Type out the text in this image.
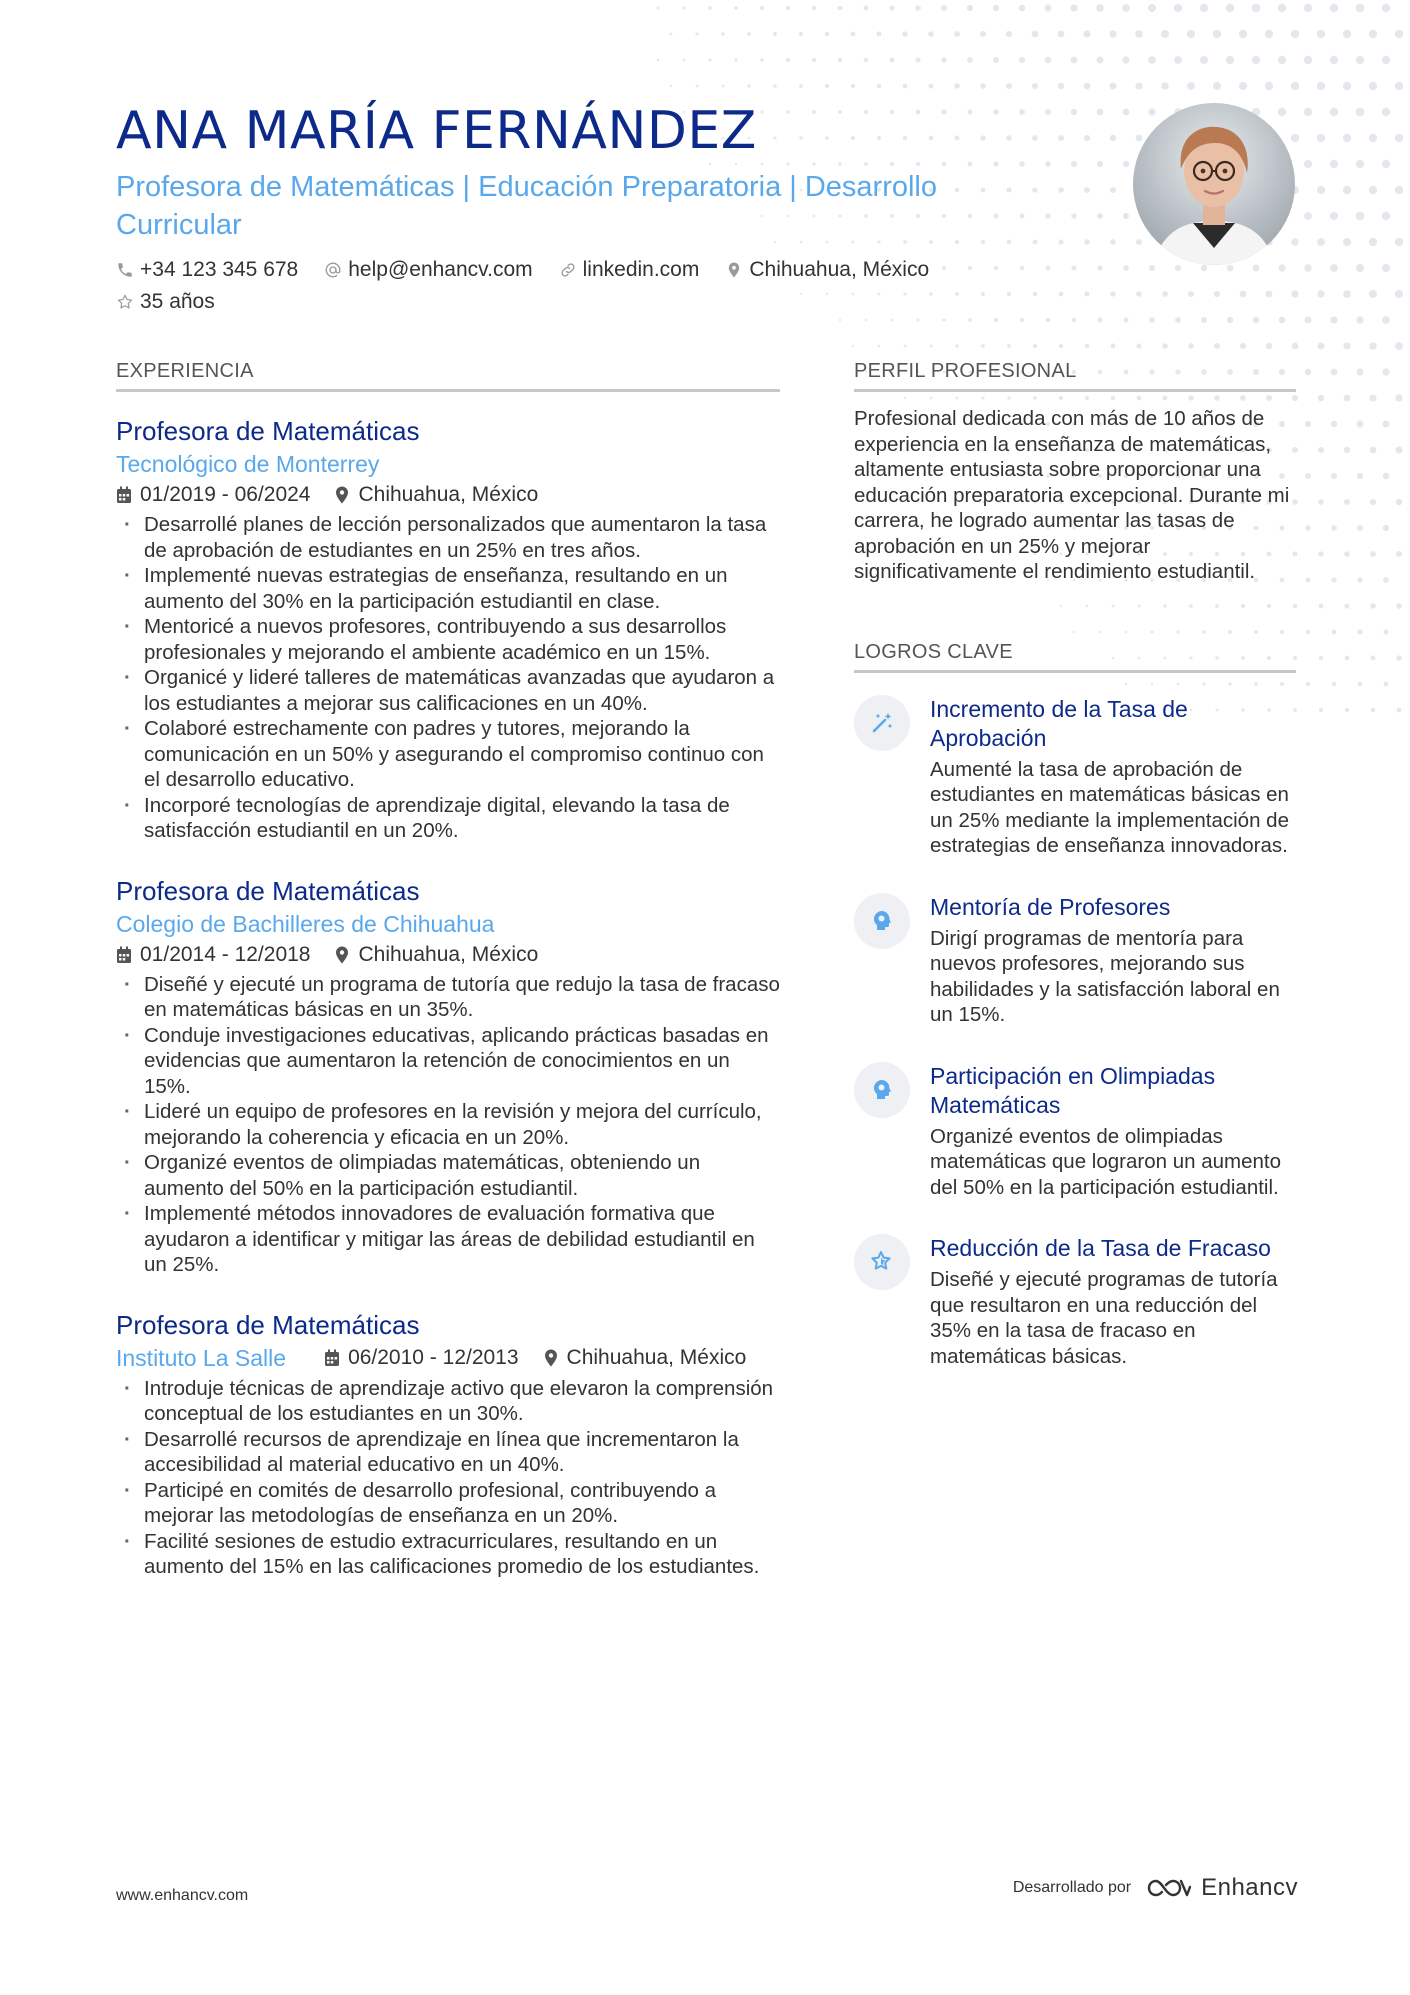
ANA MARÍA FERNÁNDEZ
Profesora de Matemáticas | Educación Preparatoria | Desarrollo Curricular
+34 123 345 678 help@enhancv.com linkedin.com Chihuahua, México
35 años
EXPERIENCIA
Profesora de Matemáticas
Tecnológico de Monterrey
01/2019 - 06/2024 Chihuahua, México
· Desarrollé planes de lección personalizados que aumentaron la tasa de aprobación de estudiantes en un 25% en tres años.
· Implementé nuevas estrategias de enseñanza, resultando en un aumento del 30% en la participación estudiantil en clase.
· Mentoricé a nuevos profesores, contribuyendo a sus desarrollos profesionales y mejorando el ambiente académico en un 15%.
· Organicé y lideré talleres de matemáticas avanzadas que ayudaron a los estudiantes a mejorar sus calificaciones en un 40%.
· Colaboré estrechamente con padres y tutores, mejorando la comunicación en un 50% y asegurando el compromiso continuo con el desarrollo educativo.
· Incorporé tecnologías de aprendizaje digital, elevando la tasa de satisfacción estudiantil en un 20%.
Profesora de Matemáticas
Colegio de Bachilleres de Chihuahua
01/2014 - 12/2018 Chihuahua, México
· Diseñé y ejecuté un programa de tutoría que redujo la tasa de fracaso en matemáticas básicas en un 35%.
· Conduje investigaciones educativas, aplicando prácticas basadas en evidencias que aumentaron la retención de conocimientos en un 15%.
· Lideré un equipo de profesores en la revisión y mejora del currículo, mejorando la coherencia y eficacia en un 20%.
· Organizé eventos de olimpiadas matemáticas, obteniendo un aumento del 50% en la participación estudiantil.
· Implementé métodos innovadores de evaluación formativa que ayudaron a identificar y mitigar las áreas de debilidad estudiantil en un 25%.
Profesora de Matemáticas
Instituto La Salle	06/2010 - 12/2013 Chihuahua, México
· Introduje técnicas de aprendizaje activo que elevaron la comprensión conceptual de los estudiantes en un 30%.
· Desarrollé recursos de aprendizaje en línea que incrementaron la accesibilidad al material educativo en un 40%.
· Participé en comités de desarrollo profesional, contribuyendo a mejorar las metodologías de enseñanza en un 20%.
· Facilité sesiones de estudio extracurriculares, resultando en un aumento del 15% en las calificaciones promedio de los estudiantes.
PERFIL PROFESIONAL
Profesional dedicada con más de 10 años de experiencia en la enseñanza de matemáticas, altamente entusiasta sobre proporcionar una educación preparatoria excepcional. Durante mi carrera, he logrado aumentar las tasas de aprobación en un 25% y mejorar significativamente el rendimiento estudiantil.
LOGROS CLAVE
Incremento de la Tasa de Aprobación
Aumenté la tasa de aprobación de estudiantes en matemáticas básicas en un 25% mediante la implementación de estrategias de enseñanza innovadoras.
Mentoría de Profesores
Dirigí programas de mentoría para nuevos profesores, mejorando sus habilidades y la satisfacción laboral en un 15%.
Participación en Olimpiadas Matemáticas
Organizé eventos de olimpiadas matemáticas que lograron un aumento del 50% en la participación estudiantil.
Reducción de la Tasa de Fracaso
Diseñé y ejecuté programas de tutoría que resultaron en una reducción del 35% en la tasa de fracaso en matemáticas básicas.
www.enhancv.com	Desarrollado por	Enhancv
